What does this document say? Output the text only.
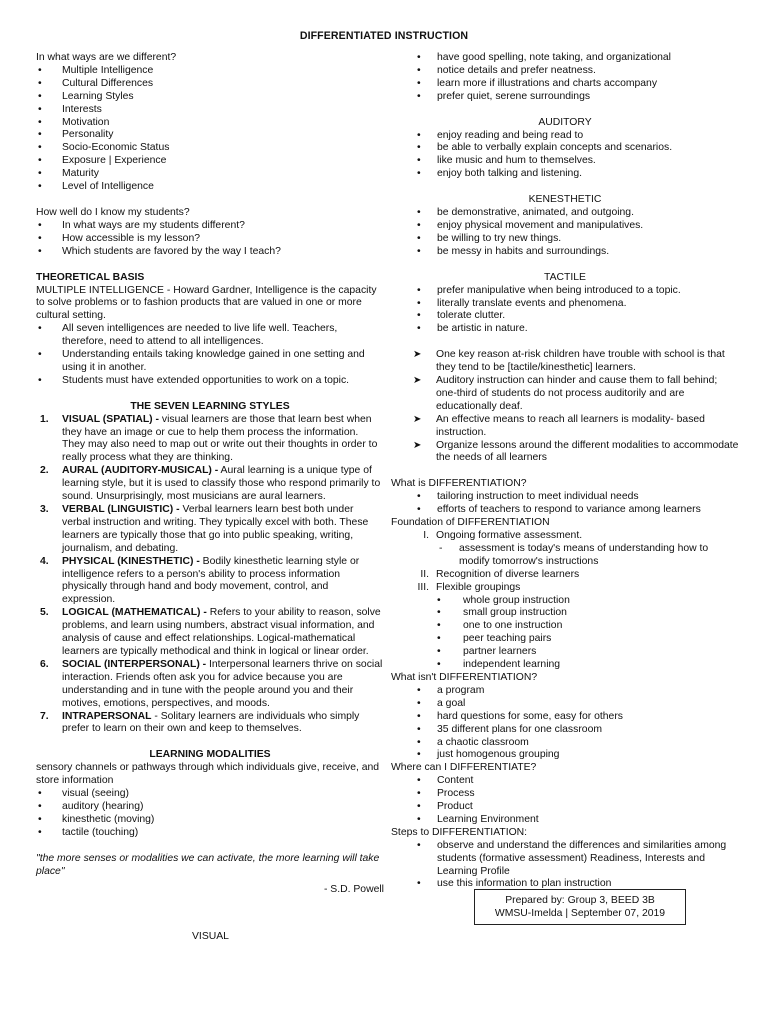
DIFFERENTIATED INSTRUCTION

In what ways are we different?

• Multiple Intelligence
• Cultural Differences
• Learning Styles
• Interests
• Motivation
• Personality
• Socio-Economic Status
• Exposure | Experience
• Maturity
• Level of Intelligence

How well do I know my students?

• In what ways are my students different?
• How accessible is my lesson?
• Which students are favored by the way I teach?

THEORETICAL BASIS

MULTIPLE INTELLIGENCE - Howard Gardner, Intelligence is the capacity to solve problems or to fashion products that are valued in one or more cultural setting.

• All seven intelligences are needed to live life well. Teachers, therefore, need to attend to all intelligences.
• Understanding entails taking knowledge gained in one setting and using it in another.
• Students must have extended opportunities to work on a topic.

THE SEVEN LEARNING STYLES

1. VISUAL (SPATIAL) - visual learners are those that learn best when they have an image or cue to help them process the information. They may also need to map out or write out their thoughts in order to really process what they are thinking.
2. AURAL (AUDITORY-MUSICAL) - Aural learning is a unique type of learning style, but it is used to classify those who respond primarily to sound. Unsurprisingly, most musicians are aural learners.
3. VERBAL (LINGUISTIC) - Verbal learners learn best both under verbal instruction and writing. They typically excel with both. These learners are typically those that go into public speaking, writing, journalism, and debating.
4. PHYSICAL (KINESTHETIC) - Bodily kinesthetic learning style or intelligence refers to a person's ability to process information physically through hand and body movement, control, and expression.
5. LOGICAL (MATHEMATICAL) - Refers to your ability to reason, solve problems, and learn using numbers, abstract visual information, and analysis of cause and effect relationships. Logical-mathematical learners are typically methodical and think in logical or linear order.
6. SOCIAL (INTERPERSONAL) - Interpersonal learners thrive on social interaction. Friends often ask you for advice because you are understanding and in tune with the people around you and their motives, emotions, perspectives, and moods.
7. INTRAPERSONAL - Solitary learners are individuals who simply prefer to learn on their own and keep to themselves.

LEARNING MODALITIES

sensory channels or pathways through which individuals give, receive, and store information

• visual (seeing)
• auditory (hearing)
• kinesthetic (moving)
• tactile (touching)

"the more senses or modalities we can activate, the more learning will take place"

- S.D. Powell

VISUAL
• have good spelling, note taking, and organizational
• notice details and prefer neatness.
• learn more if illustrations and charts accompany
• prefer quiet, serene surroundings

AUDITORY

• enjoy reading and being read to
• be able to verbally explain concepts and scenarios.
• like music and hum to themselves.
• enjoy both talking and listening.

KENESTHETIC

• be demonstrative, animated, and outgoing.
• enjoy physical movement and manipulatives.
• be willing to try new things.
• be messy in habits and surroundings.

TACTILE

• prefer manipulative when being introduced to a topic.
• literally translate events and phenomena.
• tolerate clutter.
• be artistic in nature.
➤ One key reason at-risk children have trouble with school is that they tend to be [tactile/kinesthetic] learners.
➤ Auditory instruction can hinder and cause them to fall behind; one-third of students do not process auditorily and are educationally deaf.
➤ An effective means to reach all learners is modality- based instruction.
➤ Organize lessons around the different modalities to accommodate the needs of all learners

What is DIFFERENTIATION?

• tailoring instruction to meet individual needs
• efforts of teachers to respond to variance among learners

Foundation of DIFFERENTIATION

I. Ongoing formative assessment.
- assessment is today's means of understanding how to modify tomorrow's instructions
II. Recognition of diverse learners
III. Flexible groupings
• whole group instruction
• small group instruction
• one to one instruction
• peer teaching pairs
• partner learners
• independent learning

What isn't DIFFERENTIATION?

• a program
• a goal
• hard questions for some, easy for others
• 35 different plans for one classroom
• a chaotic classroom
• just homogenous grouping

Where can I DIFFERENTIATE?

• Content
• Process
• Product
• Learning Environment

Steps to DIFFERENTIATION:

• observe and understand the differences and similarities among students (formative assessment) Readiness, Interests and Learning Profile
• use this information to plan instruction

Prepared by: Group 3, BEED 3B

WMSU-Imelda | September 07, 2019
